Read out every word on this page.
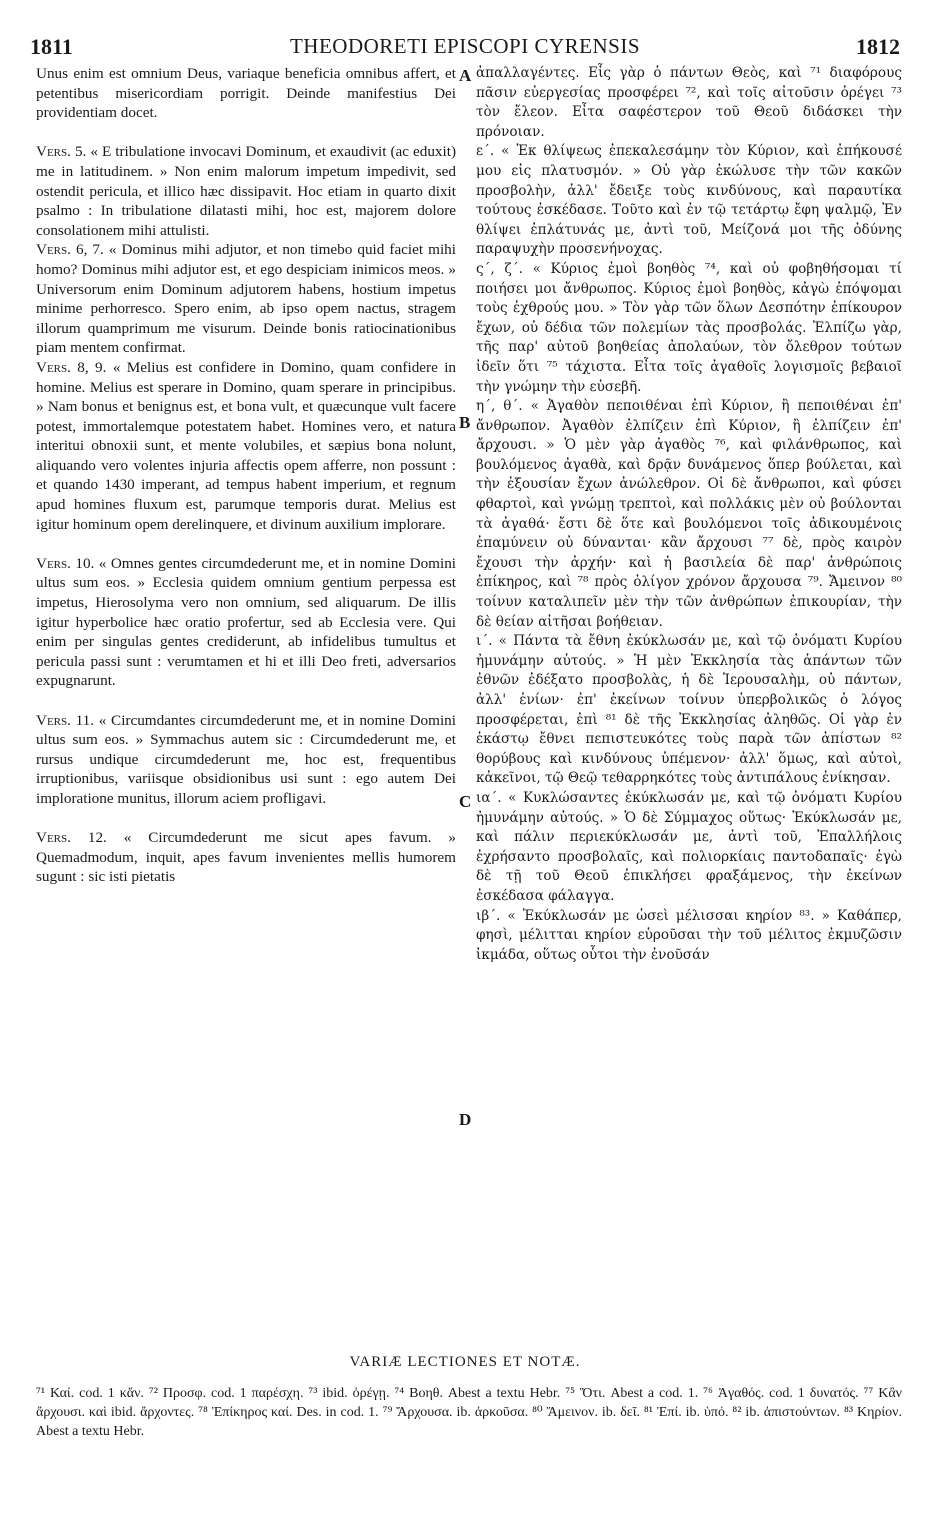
THEODORETI EPISCOPI CYRENSIS
1811	1812

Unus enim est omnium Deus, variaque beneficia omnibus affert, et petentibus misericordiam porrigit. Deinde manifestius Dei providentiam docet.

Vers. 5. « E tribulatione invocavi Dominum, et exaudivit (ac eduxit) me in latitudinem. » Non enim malorum impetum impedivit, sed ostendit pericula, et illico hæc dissipavit. Hoc etiam in quarto dixit psalmo : In tribulatione dilatasti mihi, hoc est, majorem dolore consolationem mihi attulisti.

Vers. 6, 7. « Dominus mihi adjutor, et non timebo quid faciet mihi homo? Dominus mihi adjutor est, et ego despiciam inimicos meos. » Universorum enim Dominum adjutorem habens, hostium impetus minime perhorresco. Spero enim, ab ipso opem nactus, stragem illorum quamprimum me visurum. Deinde bonis ratiocinationibus piam mentem confirmat.

Vers. 8, 9. « Melius est confidere in Domino, quam confidere in homine. Melius est sperare in Domino, quam sperare in principibus. » Nam bonus et benignus est, et bona vult, et quæcunque vult facere potest, immortalemque potestatem habet. Homines vero, et natura interitui obnoxii sunt, et mente volubiles, et sæpius bona nolunt, aliquando vero volentes injuria affectis opem afferre, non possunt : et quando 1430 imperant, ad tempus habent imperium, et regnum apud homines fluxum est, parumque temporis durat. Melius est igitur hominum opem derelinquere, et divinum auxilium implorare.

Vers. 10. « Omnes gentes circumdederunt me, et in nomine Domini ultus sum eos. » Ecclesia quidem omnium gentium perpessa est impetus, Hierosolyma vero non omnium, sed aliquarum. De illis igitur hyperbolice hæc oratio profertur, sed ab Ecclesia vere. Qui enim per singulas gentes crediderunt, ab infidelibus tumultus et pericula passi sunt : verumtamen et hi et illi Deo freti, adversarios expugnarunt.

Vers. 11. « Circumdantes circumdederunt me, et in nomine Domini ultus sum eos. » Symmachus autem sic : Circumdederunt me, et rursus undique circumdederunt me, hoc est, frequentibus irruptionibus, variisque obsidionibus usi sunt : ego autem Dei imploratione munitus, illorum aciem profligavi.

Vers. 12. « Circumdederunt me sicut apes favum. » Quemadmodum, inquit, apes favum invenientes mellis humorem sugunt : sic isti pietatis

ἀπαλλαγέντες. Εἷς γὰρ ὁ πάντων Θεὸς, καὶ ⁷¹ διαφόρους πᾶσιν εὐεργεσίας προσφέρει ⁷², καὶ τοῖς αἰτοῦσιν ὀρέγει ⁷³ τὸν ἔλεον. Εἶτα σαφέστερον τοῦ Θεοῦ διδάσκει τὴν πρόνοιαν.

ε΄. « Ἐκ θλίψεως ἐπεκαλεσάμην τὸν Κύριον, καὶ ἐπήκουσέ μου εἰς πλατυσμόν. » Οὐ γὰρ ἐκώλυσε τὴν τῶν κακῶν προσβολὴν, ἀλλ' ἔδειξε τοὺς κινδύνους, καὶ παραυτίκα τούτους ἐσκέδασε. Τοῦτο καὶ ἐν τῷ τετάρτῳ ἔφη ψαλμῷ, Ἐν θλίψει ἐπλάτυνάς με, ἀντὶ τοῦ, Μείζονά μοι τῆς ὀδύνης παραψυχὴν προσενήνοχας.

ς΄, ζ΄. « Κύριος ἐμοὶ βοηθὸς ⁷⁴, καὶ οὐ φοβηθήσομαι τί ποιήσει μοι ἄνθρωπος. Κύριος ἐμοὶ βοηθὸς, κἀγὼ ἐπόψομαι τοὺς ἐχθρούς μου. » Τὸν γὰρ τῶν ὅλων Δεσπότην ἐπίκουρον ἔχων, οὐ δέδια τῶν πολεμίων τὰς προσβολάς. Ἐλπίζω γὰρ, τῆς παρ' αὐτοῦ βοηθείας ἀπολαύων, τὸν ὄλεθρον τούτων ἰδεῖν ὅτι ⁷⁵ τάχιστα. Εἶτα τοῖς ἀγαθοῖς λογισμοῖς βεβαιοῖ τὴν γνώμην τὴν εὐσεβῆ.

η΄, θ΄. « Ἀγαθὸν πεποιθέναι ἐπὶ Κύριον, ἢ πεποιθέναι ἐπ' ἄνθρωπον. Ἀγαθὸν ἐλπίζειν ἐπὶ Κύριον, ἢ ἐλπίζειν ἐπ' ἄρχουσι. » Ὁ μὲν γὰρ ἀγαθὸς ⁷⁶, καὶ φιλάνθρωπος, καὶ βουλόμενος ἀγαθὰ, καὶ δρᾷν δυνάμενος ὅπερ βούλεται, καὶ τὴν ἐξουσίαν ἔχων ἀνώλεθρον. Οἱ δὲ ἄνθρωποι, καὶ φύσει φθαρτοὶ, καὶ γνώμῃ τρεπτοὶ, καὶ πολλάκις μὲν οὐ βούλονται τὰ ἀγαθά· ἔστι δὲ ὅτε καὶ βουλόμενοι τοῖς ἀδικουμένοις ἐπαμύνειν οὐ δύνανται· κἂν ἄρχουσι ⁷⁷ δὲ, πρὸς καιρὸν ἔχουσι τὴν ἀρχήν· καὶ ἡ βασιλεία δὲ παρ' ἀνθρώποις ἐπίκηρος, καὶ ⁷⁸ πρὸς ὀλίγον χρόνον ἄρχουσα ⁷⁹. Ἄμεινον ⁸⁰ τοίνυν καταλιπεῖν μὲν τὴν τῶν ἀνθρώπων ἐπικουρίαν, τὴν δὲ θείαν αἰτῆσαι βοήθειαν.

ι΄. « Πάντα τὰ ἔθνη ἐκύκλωσάν με, καὶ τῷ ὀνόματι Κυρίου ἠμυνάμην αὐτούς. » Ἡ μὲν Ἐκκλησία τὰς ἁπάντων τῶν ἐθνῶν ἐδέξατο προσβολὰς, ἡ δὲ Ἱερουσαλὴμ, οὐ πάντων, ἀλλ' ἐνίων· ἐπ' ἐκείνων τοίνυν ὑπερβολικῶς ὁ λόγος προσφέρεται, ἐπὶ ⁸¹ δὲ τῆς Ἐκκλησίας ἀληθῶς. Οἱ γὰρ ἐν ἑκάστῳ ἔθνει πεπιστευκότες τοὺς παρὰ τῶν ἀπίστων ⁸² θορύβους καὶ κινδύνους ὑπέμενον· ἀλλ' ὅμως, καὶ αὐτοὶ, κἀκεῖνοι, τῷ Θεῷ τεθαρρηκότες τοὺς ἀντιπάλους ἐνίκησαν.

ια΄. « Κυκλώσαντες ἐκύκλωσάν με, καὶ τῷ ὀνόματι Κυρίου ἠμυνάμην αὐτούς. » Ὁ δὲ Σύμμαχος οὕτως· Ἐκύκλωσάν με, καὶ πάλιν περιεκύκλωσάν με, ἀντὶ τοῦ, Ἐπαλλήλοις ἐχρήσαντο προσβολαῖς, καὶ πολιορκίαις παντοδαπαῖς· ἐγὼ δὲ τῇ τοῦ Θεοῦ ἐπικλήσει φραξάμενος, τὴν ἐκείνων ἐσκέδασα φάλαγγα.

ιβ΄. « Ἐκύκλωσάν με ὡσεὶ μέλισσαι κηρίον ⁸³. » Καθάπερ, φησὶ, μέλιτται κηρίον εὑροῦσαι τὴν τοῦ μέλιτος ἐκμυζῶσιν ἰκμάδα, οὕτως οὗτοι τὴν ἐνοῦσάν

A
B
C
D
VARIÆ LECTIONES ET NOTÆ.
⁷¹ Καί. cod. 1 κἄν. ⁷² Προσφ. cod. 1 παρέσχη. ⁷³ ibid. ὀρέγῃ. ⁷⁴ Βοηθ. Abest a textu Hebr. ⁷⁵ Ὅτι. Abest a cod. 1. ⁷⁶ Ἀγαθός. cod. 1 δυνατός. ⁷⁷ Κἂν ἄρχουσι. καὶ ibid. ἄρχοντες. ⁷⁸ Ἐπίκηρος καί. Des. in cod. 1. ⁷⁹ Ἄρχουσα. ib. ἀρκοῦσα. ⁸⁰ Ἄμεινον. ib. δεῖ. ⁸¹ Ἐπί. ib. ὑπό. ⁸² ib. ἀπιστούντων. ⁸³ Κηρίον. Abest a textu Hebr.
